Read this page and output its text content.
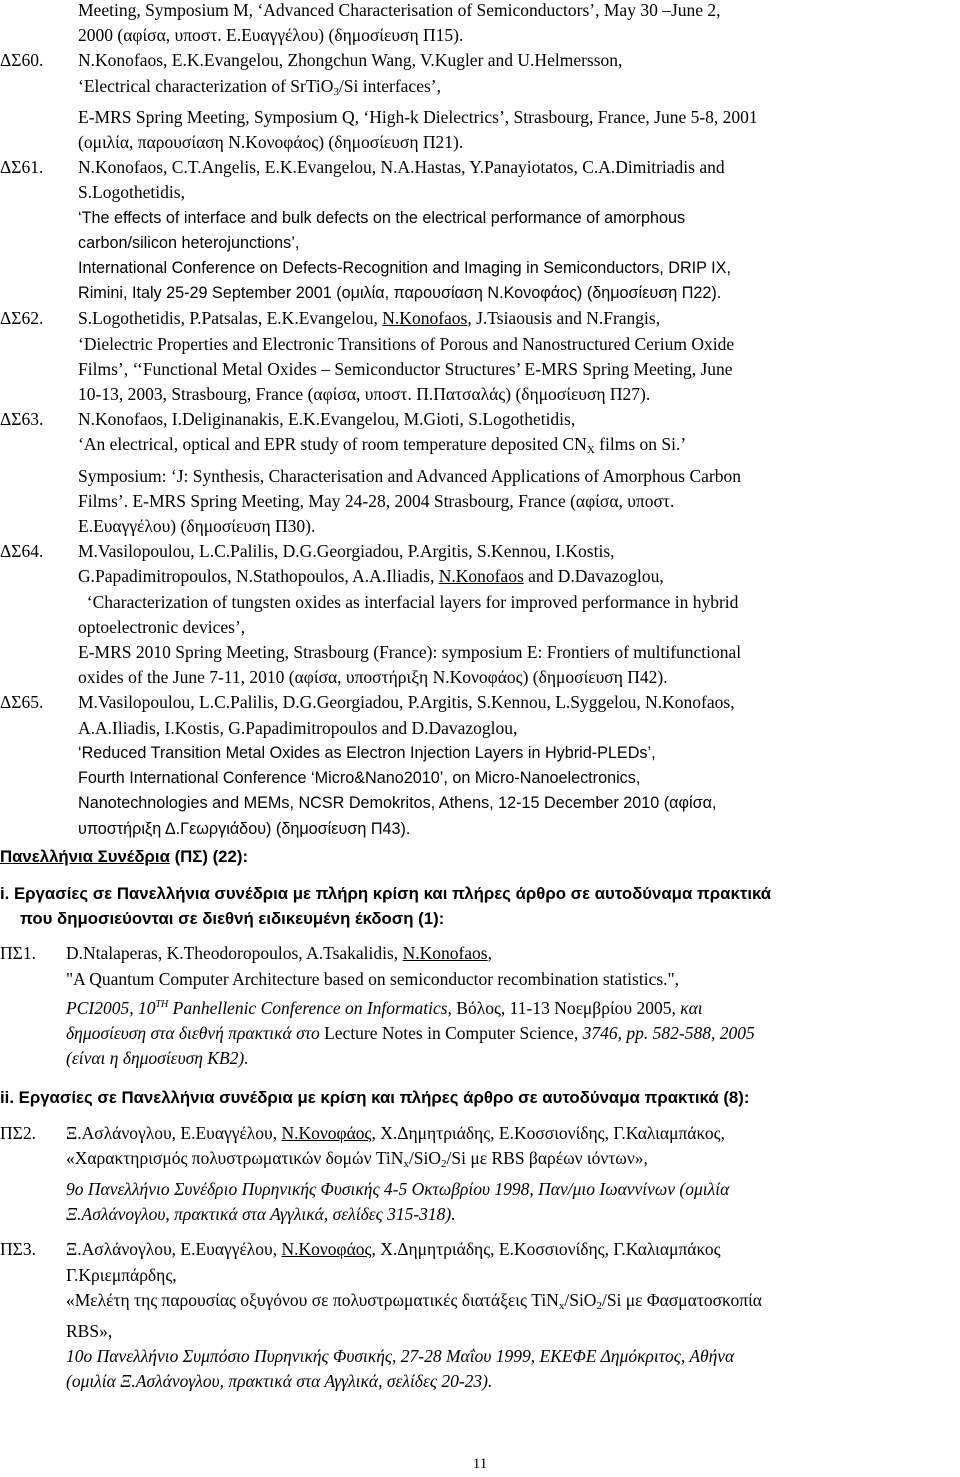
Meeting, Symposium M, ‘Advanced Characterisation of Semiconductors’, May 30 –June 2,
2000 (αφίσα, υποστ. Ε.Ευαγγέλου) (δημοσίευση Π15).
ΔΣ60. N.Konofaos, E.K.Evangelou, Zhongchun Wang, V.Kugler and U.Helmersson,
‘Electrical characterization of SrTiO$_3$/Si interfaces’,
E-MRS Spring Meeting, Symposium Q, ‘High-k Dielectrics’, Strasbourg, France, June 5-8, 2001
(ομιλία, παρουσίαση Ν.Κονοφάος) (δημοσίευση Π21).
ΔΣ61. N.Konofaos, C.T.Angelis, E.K.Evangelou, N.A.Hastas, Y.Panayiotatos, C.A.Dimitriadis and
S.Logothetidis,
‘The effects of interface and bulk defects on the electrical performance of amorphous
carbon/silicon heterojunctions’,
International Conference on Defects-Recognition and Imaging in Semiconductors, DRIP IX,
Rimini, Italy 25-29 September 2001 (ομιλία, παρουσίαση Ν.Κονοφάος) (δημοσίευση Π22).
ΔΣ62. S.Logothetidis, P.Patsalas, E.K.Evangelou, N.Konofaos, J.Tsiaousis and N.Frangis,
‘Dielectric Properties and Electronic Transitions of Porous and Nanostructured Cerium Oxide
Films’, ‘‘Functional Metal Oxides – Semiconductor Structures’ E-MRS Spring Meeting, June
10-13, 2003, Strasbourg, France (αφίσα, υποστ. Π.Πατσαλάς) (δημοσίευση Π27).
ΔΣ63. N.Konofaos, I.Deliginanakis, E.K.Evangelou, M.Gioti, S.Logothetidis,
‘An electrical, optical and EPR study of room temperature deposited $CN_X$ films on Si.’
Symposium: ‘J: Synthesis, Characterisation and Advanced Applications of Amorphous Carbon
Films’. E-MRS Spring Meeting, May 24-28, 2004 Strasbourg, France (αφίσα, υποστ.
Ε.Ευαγγέλου) (δημοσίευση Π30).
ΔΣ64. M.Vasilopoulou, L.C.Palilis, D.G.Georgiadou, P.Argitis, S.Kennou, I.Kostis,
G.Papadimitropoulos, N.Stathopoulos, A.A.Iliadis, N.Konofaos and D.Davazoglou,
‘Characterization of tungsten oxides as interfacial layers for improved performance in hybrid
optoelectronic devices’,
E-MRS 2010 Spring Meeting, Strasbourg (France): symposium E: Frontiers of multifunctional
oxides of the June 7-11, 2010 (αφίσα, υποστήριξη Ν.Κονοφάος) (δημοσίευση Π42).
ΔΣ65. M.Vasilopoulou, L.C.Palilis, D.G.Georgiadou, P.Argitis, S.Kennou, L.Syggelou, N.Konofaos,
A.A.Iliadis, I.Kostis, G.Papadimitropoulos and D.Davazoglou,
‘Reduced Transition Metal Oxides as Electron Injection Layers in Hybrid-PLEDs’,
Fourth International Conference ‘Micro&Nano2010’, on Micro-Nanoelectronics,
Nanotechnologies and MEMs, NCSR Demokritos, Athens, 12-15 December 2010 (αφίσα,
υποστήριξη Δ.Γεωργιάδου) (δημοσίευση Π43).
Πανελλήνια Συνέδρια (ΠΣ) (22):
i. Εργασίες σε Πανελλήνια συνέδρια με πλήρη κρίση και πλήρες άρθρο σε αυτοδύναμα πρακτικά
που δημοσιεύονται σε διεθνή ειδικευμένη έκδοση (1):
ΠΣ1. D.Ntalaperas, K.Theodoropoulos, A.Tsakalidis, N.Konofaos,
"A Quantum Computer Architecture based on semiconductor recombination statistics.",
PCI2005, 10TH Panhellenic Conference on Informatics, Βόλος, 11-13 Νοεμβρίου 2005, και
δημοσίευση στα διεθνή πρακτικά στο Lecture Notes in Computer Science, 3746, pp. 582-588, 2005
(είναι η δημοσίευση ΚΒ2).
ii. Εργασίες σε Πανελλήνια συνέδρια με κρίση και πλήρες άρθρο σε αυτοδύναμα πρακτικά (8):
ΠΣ2. Ξ.Ασλάνογλου, Ε.Ευαγγέλου, Ν.Κονοφάος, Χ.Δημητριάδης, Ε.Κοσσιονίδης, Γ.Καλιαμπάκος,
«Χαρακτηρισμός πολυστρωματικών δομών TiN$_x$/SiO$_2$/Si με RBS βαρέων ιόντων»,
9o Πανελλήνιο Συνέδριο Πυρηνικής Φυσικής 4-5 Οκτωβρίου 1998, Παν/μιο Ιωαννίνων (ομιλία
Ξ.Ασλάνογλου, πρακτικά στα Αγγλικά, σελίδες 315-318).
ΠΣ3. Ξ.Ασλάνογλου, Ε.Ευαγγέλου, Ν.Κονοφάος, Χ.Δημητριάδης, Ε.Κοσσιονίδης, Γ.Καλιαμπάκος
Γ.Κριεμπάρδης,
«Μελέτη της παρουσίας οξυγόνου σε πολυστρωματικές διατάξεις TiN$_x$/SiO$_2$/Si με Φασματοσκοπία
RBS»,
10o Πανελλήνιο Συμπόσιο Πυρηνικής Φυσικής, 27-28 Μαΐου 1999, ΕΚΕΦΕ Δημόκριτος, Αθήνα
(ομιλία Ξ.Ασλάνογλου, πρακτικά στα Αγγλικά, σελίδες 20-23).
11
